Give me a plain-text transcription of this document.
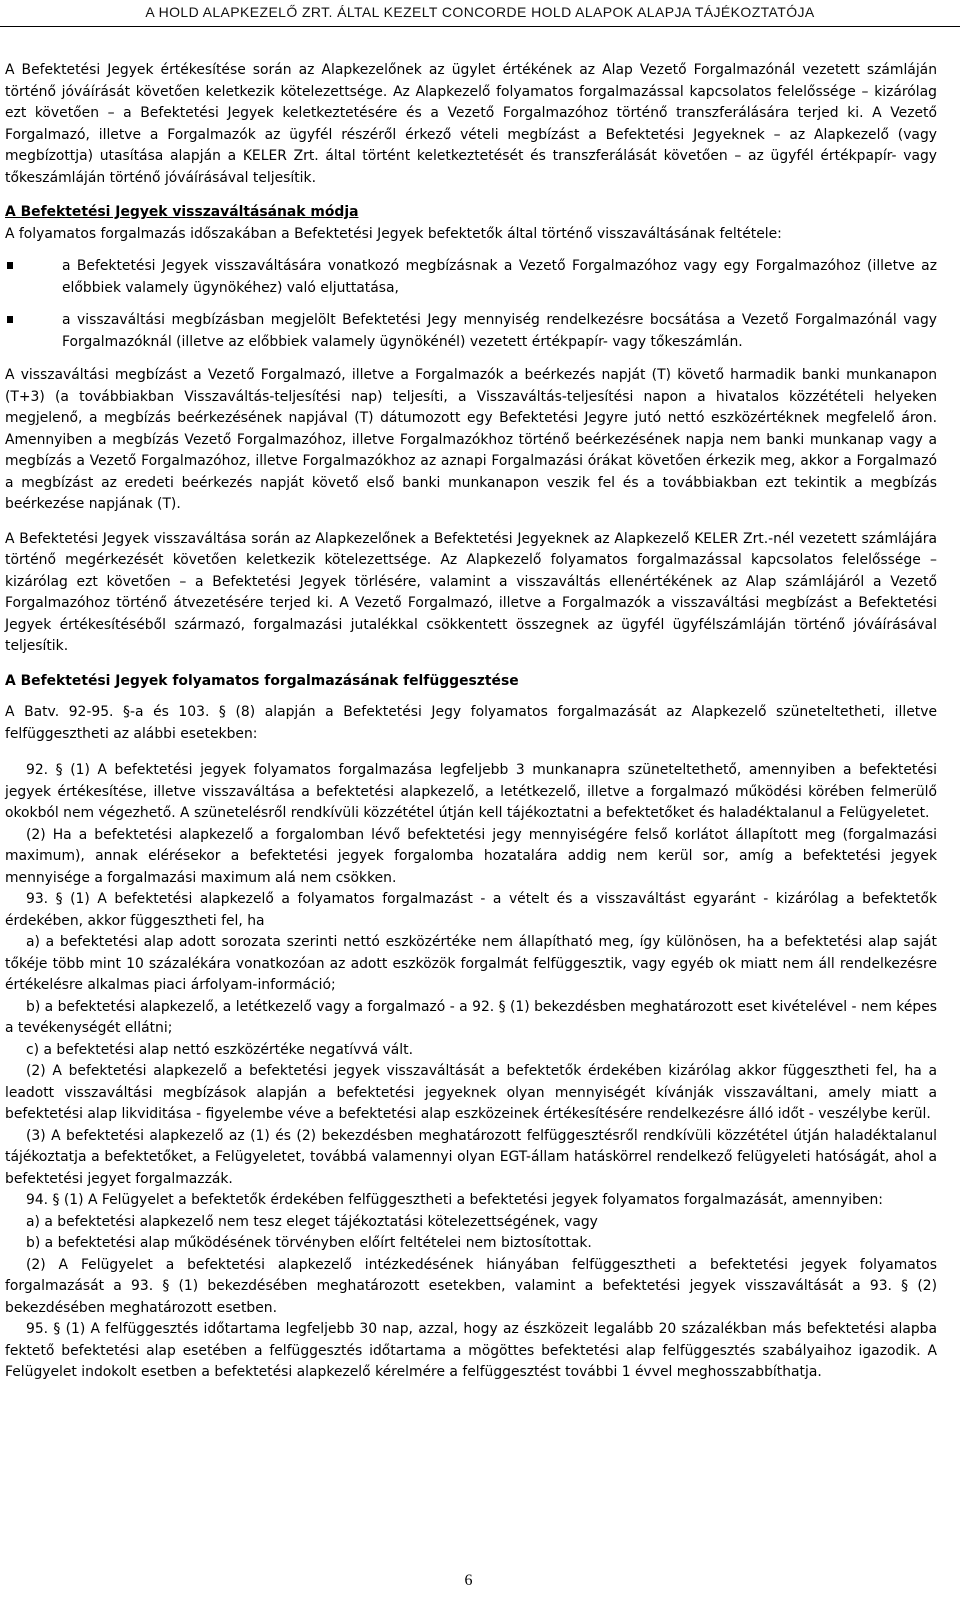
A HOLD ALAPKEZELŐ ZRT. ÁLTAL KEZELT CONCORDE HOLD ALAPOK ALAPJA TÁJÉKOZTATÓJA

A Befektetési Jegyek értékesítése során az Alapkezelőnek az ügylet értékének az Alap Vezető Forgalmazónál vezetett számláján történő jóváírását követően keletkezik kötelezettsége. Az Alapkezelő folyamatos forgalmazással kapcsolatos felelőssége – kizárólag ezt követően – a Befektetési Jegyek keletkeztetésére és a Vezető Forgalmazóhoz történő transzferálására terjed ki. A Vezető Forgalmazó, illetve a Forgalmazók az ügyfél részéről érkező vételi megbízást a Befektetési Jegyeknek – az Alapkezelő (vagy megbízottja) utasítása alapján a KELER Zrt. által történt keletkeztetését és transzferálását követően – az ügyfél értékpapír- vagy tőkeszámláján történő jóváírásával teljesítik.

A Befektetési Jegyek visszaváltásának módja

A folyamatos forgalmazás időszakában a Befektetési Jegyek befektetők által történő visszaváltásának feltétele:

a Befektetési Jegyek visszaváltására vonatkozó megbízásnak a Vezető Forgalmazóhoz vagy egy Forgalmazóhoz (illetve az előbbiek valamely ügynökéhez) való eljuttatása,
a visszaváltási megbízásban megjelölt Befektetési Jegy mennyiség rendelkezésre bocsátása a Vezető Forgalmazónál vagy Forgalmazóknál (illetve az előbbiek valamely ügynökénél) vezetett értékpapír- vagy tőkeszámlán.

A visszaváltási megbízást a Vezető Forgalmazó, illetve a Forgalmazók a beérkezés napját (T) követő harmadik banki munkanapon (T+3) (a továbbiakban Visszaváltás-teljesítési nap) teljesíti, a Visszaváltás-teljesítési napon a hivatalos közzétételi helyeken megjelenő, a megbízás beérkezésének napjával (T) dátumozott egy Befektetési Jegyre jutó nettó eszközértéknek megfelelő áron. Amennyiben a megbízás Vezető Forgalmazóhoz, illetve Forgalmazókhoz történő beérkezésének napja nem banki munkanap vagy a megbízás a Vezető Forgalmazóhoz, illetve Forgalmazókhoz az aznapi Forgalmazási órákat követően érkezik meg, akkor a Forgalmazó a megbízást az eredeti beérkezés napját követő első banki munkanapon veszik fel és a továbbiakban ezt tekintik a megbízás beérkezése napjának (T).

A Befektetési Jegyek visszaváltása során az Alapkezelőnek a Befektetési Jegyeknek az Alapkezelő KELER Zrt.-nél vezetett számlájára történő megérkezését követően keletkezik kötelezettsége. Az Alapkezelő folyamatos forgalmazással kapcsolatos felelőssége – kizárólag ezt követően – a Befektetési Jegyek törlésére, valamint a visszaváltás ellenértékének az Alap számlájáról a Vezető Forgalmazóhoz történő átvezetésére terjed ki. A Vezető Forgalmazó, illetve a Forgalmazók a visszaváltási megbízást a Befektetési Jegyek értékesítéséből származó, forgalmazási jutalékkal csökkentett összegnek az ügyfél ügyfélszámláján történő jóváírásával teljesítik.

A Befektetési Jegyek folyamatos forgalmazásának felfüggesztése

A Batv. 92-95. §-a és 103. § (8) alapján a Befektetési Jegy folyamatos forgalmazását az Alapkezelő szüneteltetheti, illetve felfüggesztheti az alábbi esetekben:

92. § (1) A befektetési jegyek folyamatos forgalmazása legfeljebb 3 munkanapra szüneteltethető, amennyiben a befektetési jegyek értékesítése, illetve visszaváltása a befektetési alapkezelő, a letétkezelő, illetve a forgalmazó működési körében felmerülő okokból nem végezhető. A szünetelésről rendkívüli közzététel útján kell tájékoztatni a befektetőket és haladéktalanul a Felügyeletet.

(2) Ha a befektetési alapkezelő a forgalomban lévő befektetési jegy mennyiségére felső korlátot állapított meg (forgalmazási maximum), annak elérésekor a befektetési jegyek forgalomba hozatalára addig nem kerül sor, amíg a befektetési jegyek mennyisége a forgalmazási maximum alá nem csökken.

93. § (1) A befektetési alapkezelő a folyamatos forgalmazást - a vételt és a visszaváltást egyaránt - kizárólag a befektetők érdekében, akkor függesztheti fel, ha

a) a befektetési alap adott sorozata szerinti nettó eszközértéke nem állapítható meg, így különösen, ha a befektetési alap saját tőkéje több mint 10 százalékára vonatkozóan az adott eszközök forgalmát felfüggesztik, vagy egyéb ok miatt nem áll rendelkezésre értékelésre alkalmas piaci árfolyam-információ;

b) a befektetési alapkezelő, a letétkezelő vagy a forgalmazó - a 92. § (1) bekezdésben meghatározott eset kivételével - nem képes a tevékenységét ellátni;

c) a befektetési alap nettó eszközértéke negatívvá vált.

(2) A befektetési alapkezelő a befektetési jegyek visszaváltását a befektetők érdekében kizárólag akkor függesztheti fel, ha a leadott visszaváltási megbízások alapján a befektetési jegyeknek olyan mennyiségét kívánják visszaváltani, amely miatt a befektetési alap likviditása - figyelembe véve a befektetési alap eszközeinek értékesítésére rendelkezésre álló időt - veszélybe kerül.

(3) A befektetési alapkezelő az (1) és (2) bekezdésben meghatározott felfüggesztésről rendkívüli közzététel útján haladéktalanul tájékoztatja a befektetőket, a Felügyeletet, továbbá valamennyi olyan EGT-állam hatáskörrel rendelkező felügyeleti hatóságát, ahol a befektetési jegyet forgalmazzák.

94. § (1) A Felügyelet a befektetők érdekében felfüggesztheti a befektetési jegyek folyamatos forgalmazását, amennyiben:

a) a befektetési alapkezelő nem tesz eleget tájékoztatási kötelezettségének, vagy

b) a befektetési alap működésének törvényben előírt feltételei nem biztosítottak.

(2) A Felügyelet a befektetési alapkezelő intézkedésének hiányában felfüggesztheti a befektetési jegyek folyamatos forgalmazását a 93. § (1) bekezdésében meghatározott esetekben, valamint a befektetési jegyek visszaváltását a 93. § (2) bekezdésében meghatározott esetben.

95. § (1) A felfüggesztés időtartama legfeljebb 30 nap, azzal, hogy az észközeit legalább 20 százalékban más befektetési alapba fektető befektetési alap esetében a felfüggesztés időtartama a mögöttes befektetési alap felfüggesztés szabályaihoz igazodik. A Felügyelet indokolt esetben a befektetési alapkezelő kérelmére a felfüggesztést további 1 évvel meghosszabbíthatja.

6
